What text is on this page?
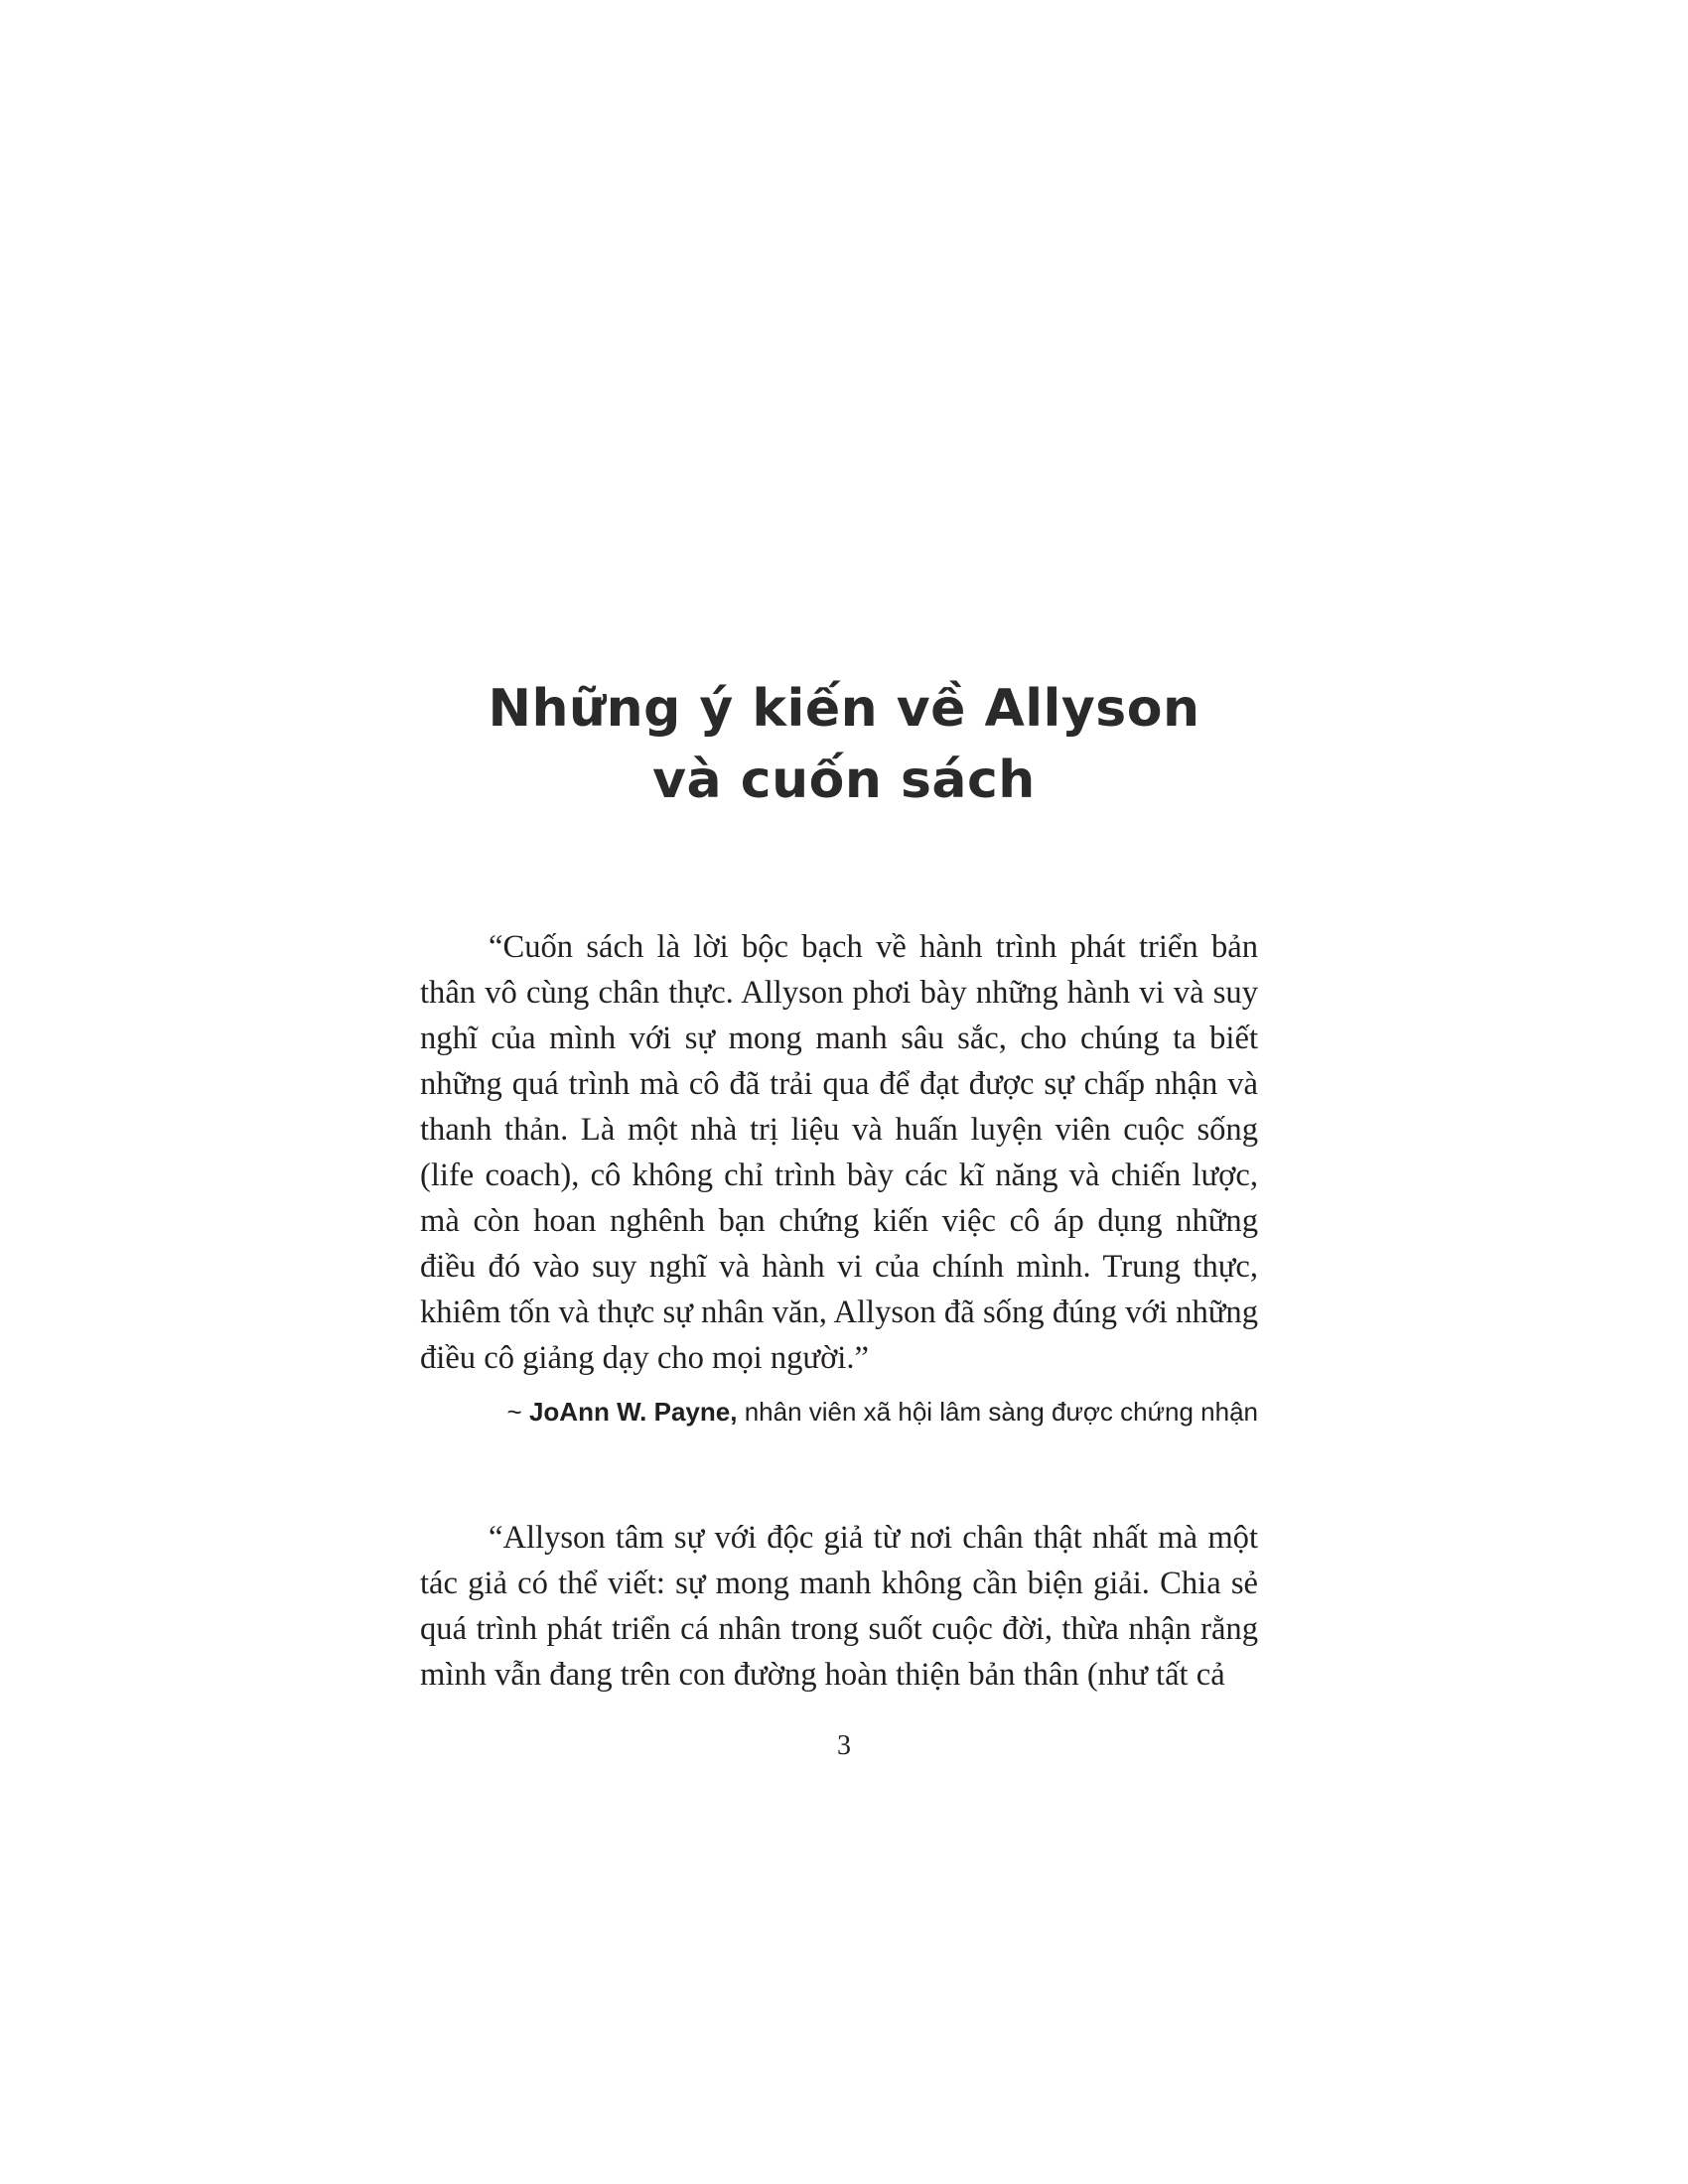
Những ý kiến về Allyson
và cuốn sách

“Cuốn sách là lời bộc bạch về hành trình phát triển bản thân vô cùng chân thực. Allyson phơi bày những hành vi và suy nghĩ của mình với sự mong manh sâu sắc, cho chúng ta biết những quá trình mà cô đã trải qua để đạt được sự chấp nhận và thanh thản. Là một nhà trị liệu và huấn luyện viên cuộc sống (life coach), cô không chỉ trình bày các kĩ năng và chiến lược, mà còn hoan nghênh bạn chứng kiến việc cô áp dụng những điều đó vào suy nghĩ và hành vi của chính mình. Trung thực, khiêm tốn và thực sự nhân văn, Allyson đã sống đúng với những điều cô giảng dạy cho mọi người.”

~ JoAnn W. Payne, nhân viên xã hội lâm sàng được chứng nhận

“Allyson tâm sự với độc giả từ nơi chân thật nhất mà một tác giả có thể viết: sự mong manh không cần biện giải. Chia sẻ quá trình phát triển cá nhân trong suốt cuộc đời, thừa nhận rằng mình vẫn đang trên con đường hoàn thiện bản thân (như tất cả

3
